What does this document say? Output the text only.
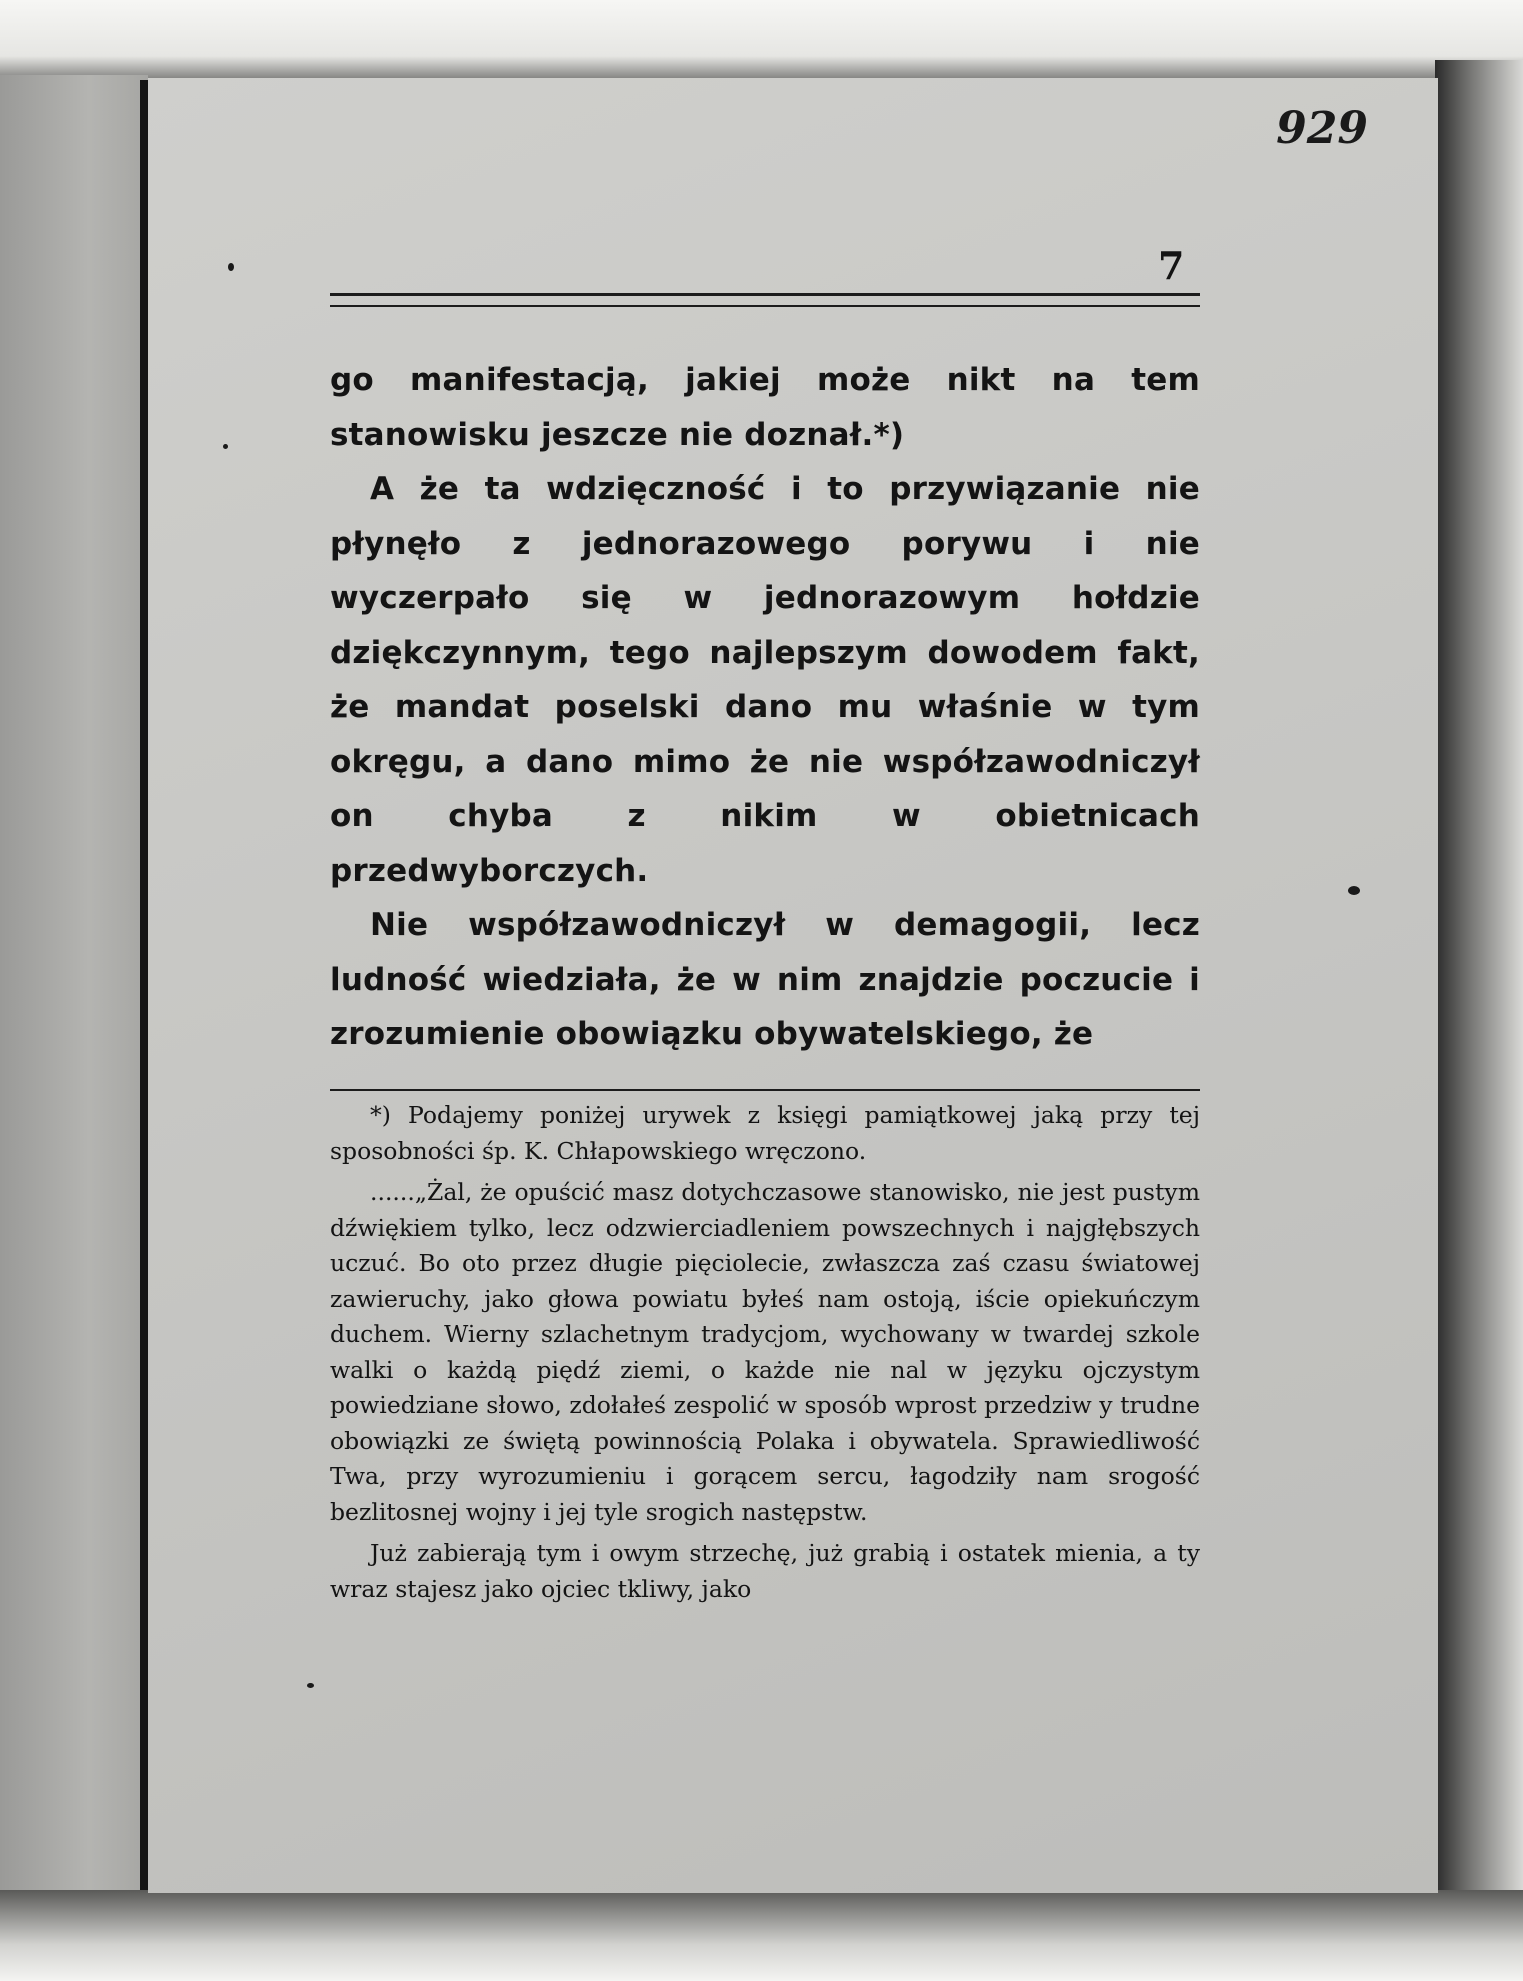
929
7

go manifestacją, jakiej może nikt na tem stanowisku jeszcze nie doznał.*)

A że ta wdzięczność i to przywiązanie nie płynęło z jednorazowego porywu i nie wyczerpało się w jednorazowym hołdzie dziękczynnym, tego najlepszym dowodem fakt, że mandat poselski dano mu właśnie w tym okręgu, a dano mimo że nie współzawodniczył on chyba z nikim w obietnicach przedwyborczych.

Nie współzawodniczył w demagogii, lecz ludność wiedziała, że w nim znajdzie poczucie i zrozumienie obowiązku obywatelskiego, że

*) Podajemy poniżej urywek z księgi pamiątkowej jaką przy tej sposobności śp. K. Chłapowskiego wręczono.

......„Żal, że opuścić masz dotychczasowe stanowisko, nie jest pustym dźwiękiem tylko, lecz odzwierciadleniem powszechnych i najgłębszych uczuć. Bo oto przez długie pięciolecie, zwłaszcza zaś czasu światowej zawieruchy, jako głowa powiatu byłeś nam ostoją, iście opiekuńczym duchem. Wierny szlachetnym tradycjom, wychowany w twardej szkole walki o każdą piędź ziemi, o każde nie nal w języku ojczystym powiedziane słowo, zdołałeś zespolić w sposób wprost przedziw y trudne obowiązki ze świętą powinnością Polaka i obywatela. Sprawiedliwość Twa, przy wyrozumieniu i gorącem sercu, łagodziły nam srogość bezlitosnej wojny i jej tyle srogich następstw.

Już zabierają tym i owym strzechę, już grabią i ostatek mienia, a ty wraz stajesz jako ojciec tkliwy, jako
